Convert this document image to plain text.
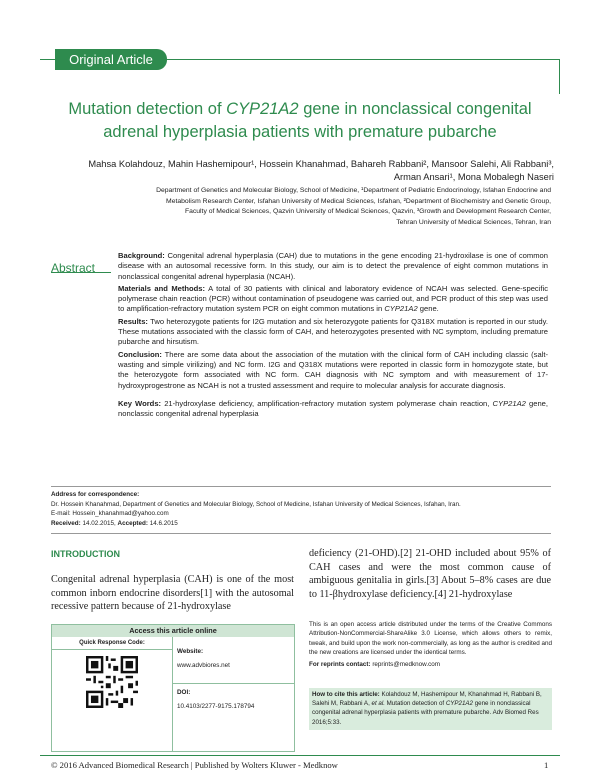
Original Article
Mutation detection of CYP21A2 gene in nonclassical congenital adrenal hyperplasia patients with premature pubarche
Mahsa Kolahdouz, Mahin Hashemipour¹, Hossein Khanahmad, Bahareh Rabbani², Mansoor Salehi, Ali Rabbani³,
Arman Ansari¹, Mona Mobalegh Naseri
Department of Genetics and Molecular Biology, School of Medicine, ¹Department of Pediatric Endocrinology, Isfahan Endocrine and
Metabolism Research Center, Isfahan University of Medical Sciences, Isfahan, ²Department of Biochemistry and Genetic Group,
Faculty of Medical Sciences, Qazvin University of Medical Sciences, Qazvin, ³Growth and Development Research Center,
Tehran University of Medical Sciences, Tehran, Iran
Abstract

Background: Congenital adrenal hyperplasia (CAH) due to mutations in the gene encoding 21-hydroxilase is one of common disease with an autosomal recessive form. In this study, our aim is to detect the prevalence of eight common mutations in nonclassical congenital adrenal hyperplasia (NCAH).

Materials and Methods: A total of 30 patients with clinical and laboratory evidence of NCAH was selected. Gene-specific polymerase chain reaction (PCR) without contamination of pseudogene was carried out, and PCR product of this step was used to amplification-refractory mutation system PCR on eight common mutations in CYP21A2 gene.

Results: Two heterozygote patients for I2G mutation and six heterozygote patients for Q318X mutation is reported in our study. These mutations associated with the classic form of CAH, and heterozygotes presented with NC symptom, including premature pubarche and hirsutism.

Conclusion: There are some data about the association of the mutation with the clinical form of CAH including classic (salt-wasting and simple virilizing) and NC form. I2G and Q318X mutations were reported in classic form in homozygote state, but the heterozygote form associated with NC form. CAH diagnosis with NC symptom and with measurement of 17-hydroxyprogestrone as NCAH is not a trusted assessment and require to molecular analysis for accurate diagnosis.

Key Words: 21-hydroxylase deficiency, amplification-refractory mutation system polymerase chain reaction, CYP21A2 gene, nonclassic congenital adrenal hyperplasia

Address for correspondence:
Dr. Hossein Khanahmad, Department of Genetics and Molecular Biology, School of Medicine, Isfahan University of Medical Sciences, Isfahan, Iran.
E-mail: Hossein_khanahmad@yahoo.com
Received: 14.02.2015, Accepted: 14.6.2015
INTRODUCTION
Congenital adrenal hyperplasia (CAH) is one of the most common inborn endocrine disorders[1] with the autosomal recessive pattern because of 21-hydroxylase
deficiency (21-OHD).[2] 21-OHD included about 95% of CAH cases and were the most common cause of ambiguous genitalia in girls.[3] About 5–8% cases are due to 11-βhydroxylase deficiency.[4] 21-hydroxylase
Access this article online
Quick Response Code:
Website:
www.advbiores.net
DOI:
10.4103/2277-9175.178794
This is an open access article distributed under the terms of the Creative Commons Attribution-NonCommercial-ShareAlike 3.0 License, which allows others to remix, tweak, and build upon the work non-commercially, as long as the author is credited and the new creations are licensed under the identical terms.
For reprints contact: reprints@medknow.com
How to cite this article: Kolahdouz M, Hashemipour M, Khanahmad H, Rabbani B, Salehi M, Rabbani A, et al. Mutation detection of CYP21A2 gene in nonclassical congenital adrenal hyperplasia patients with premature pubarche. Adv Biomed Res 2016;5:33.
© 2016 Advanced Biomedical Research | Published by Wolters Kluwer - Medknow	1
